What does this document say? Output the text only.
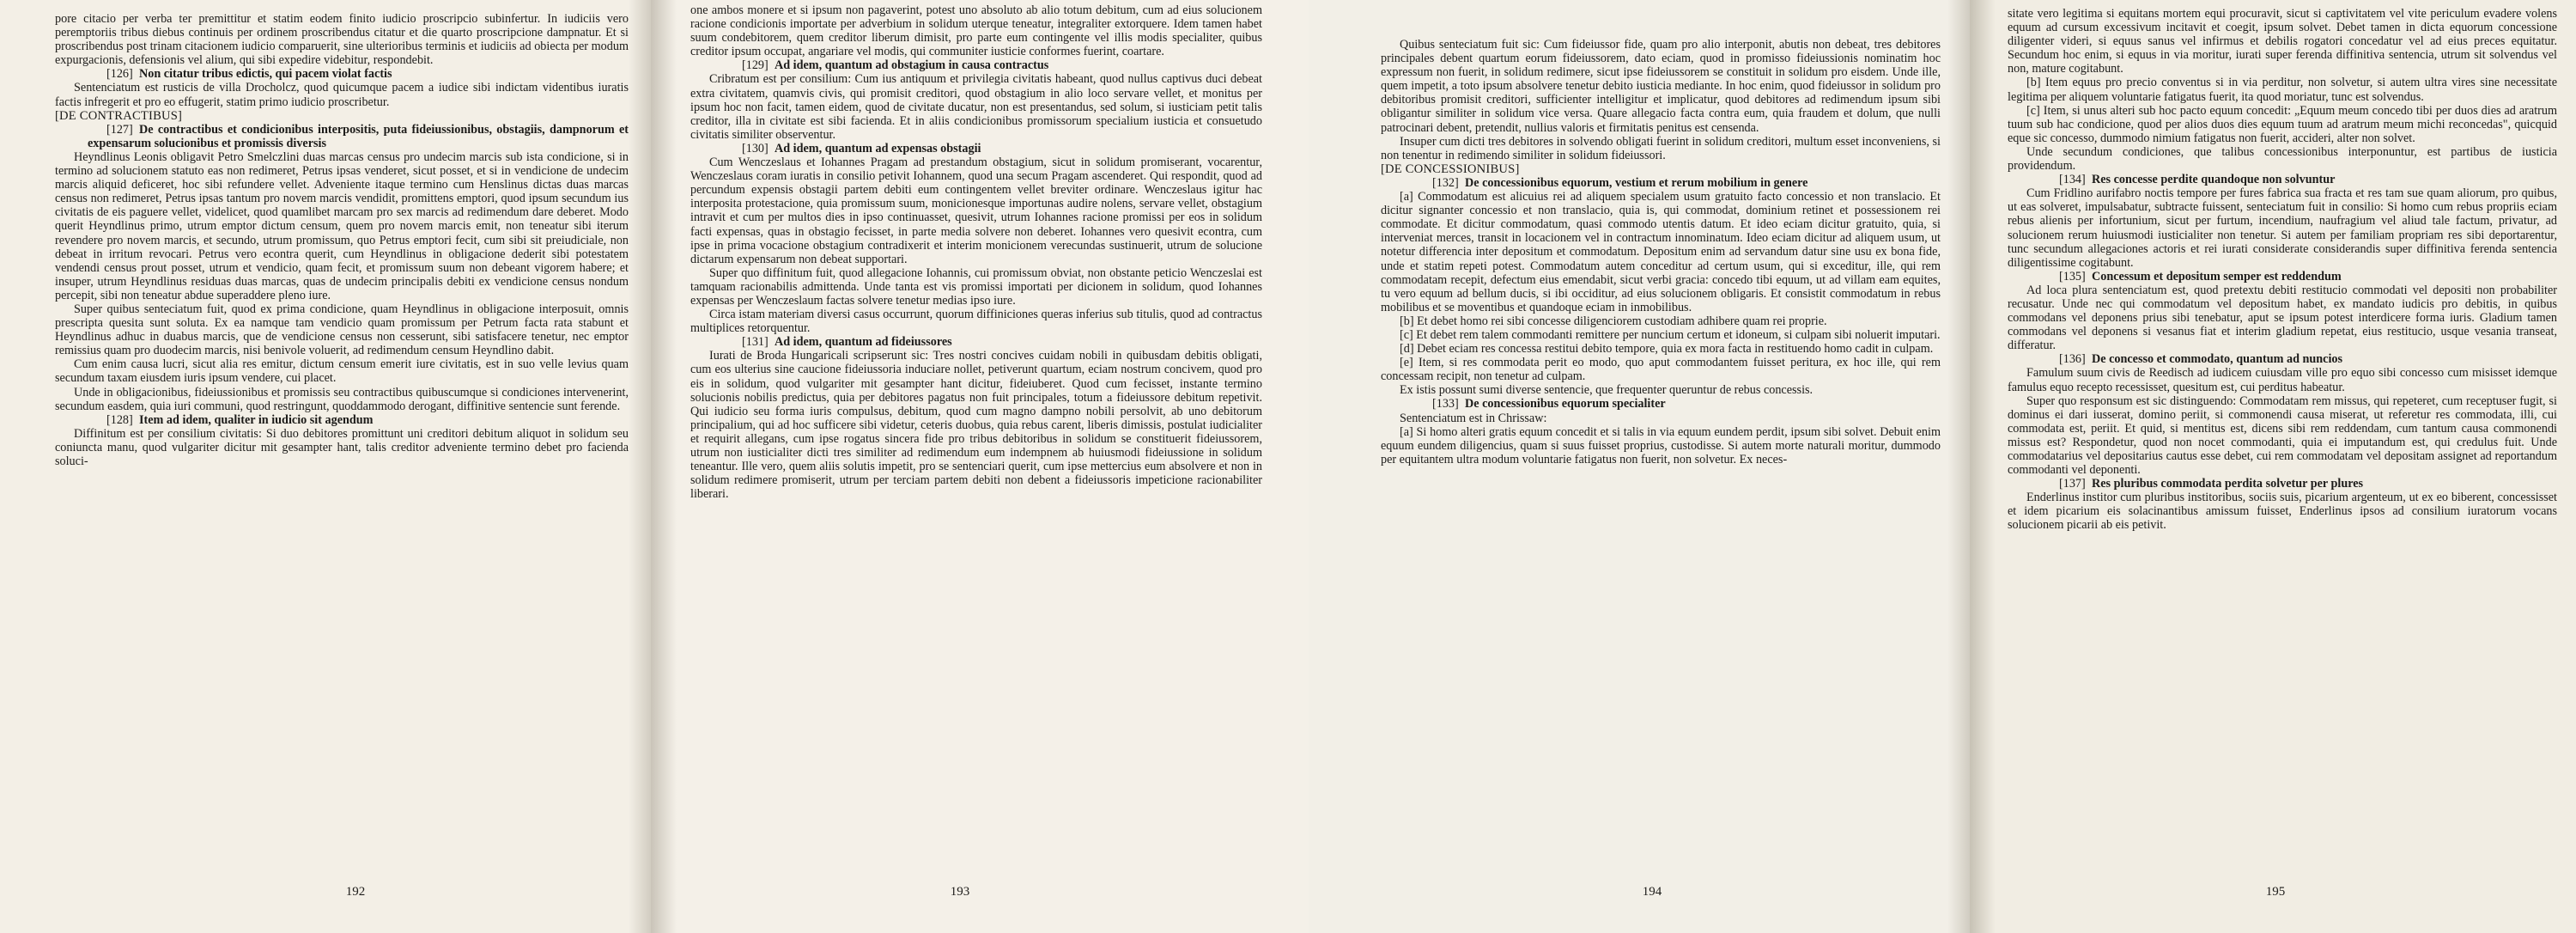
pore citacio per verba ter premittitur et statim eodem finito iudicio proscripcio subinfertur. In iudiciis vero peremptoriis tribus diebus continuis per ordinem proscribendus citatur et die quarto proscripcione dampnatur. Et si proscribendus post trinam citacionem iudicio comparuerit, sine ulterioribus terminis et iudiciis ad obiecta per modum expurgacionis, defensionis vel alium, qui sibi expedire videbitur, respondebit.

[126] Non citatur tribus edictis, qui pacem violat factis

Sentenciatum est rusticis de villa Drocholcz, quod quicumque pacem a iudice sibi indictam videntibus iuratis factis infregerit et pro eo effugerit, statim primo iudicio proscribetur.

[DE CONTRACTIBUS]

[127] De contractibus et condicionibus interpositis, puta fideiussionibus, obstagiis, dampnorum et expensarum solucionibus et promissis diversis

Heyndlinus Leonis obligavit Petro Smelczlini duas marcas census pro undecim marcis sub ista condicione, si in termino ad solucionem statuto eas non redimeret, Petrus ipsas venderet, sicut posset, et si in vendicione de undecim marcis aliquid deficeret, hoc sibi refundere vellet. Adveniente itaque termino cum Henslinus dictas duas marcas census non redimeret, Petrus ipsas tantum pro novem marcis vendidit, promittens emptori, quod ipsum secundum ius civitatis de eis paguere vellet, videlicet, quod quamlibet marcam pro sex marcis ad redimendum dare deberet. Modo querit Heyndlinus primo, utrum emptor dictum censum, quem pro novem marcis emit, non teneatur sibi iterum revendere pro novem marcis, et secundo, utrum promissum, quo Petrus emptori fecit, cum sibi sit preiudiciale, non debeat in irritum revocari. Petrus vero econtra querit, cum Heyndlinus in obligacione dederit sibi potestatem vendendi census prout posset, utrum et vendicio, quam fecit, et promissum suum non debeant vigorem habere; et insuper, utrum Heyndlinus residuas duas marcas, quas de undecim principalis debiti ex vendicione census nondum percepit, sibi non teneatur abdue superaddere pleno iure.

Super quibus senteciatum fuit, quod ex prima condicione, quam Heyndlinus in obligacione interposuit, omnis prescripta quesita sunt soluta. Ex ea namque tam vendicio quam promissum per Petrum facta rata stabunt et Heyndlinus adhuc in duabus marcis, que de vendicione census non cesserunt, sibi satisfacere tenetur, nec emptor remissius quam pro duodecim marcis, nisi benivole voluerit, ad redimendum censum Heyndlino dabit.

Cum enim causa lucri, sicut alia res emitur, dictum censum emerit iure civitatis, est in suo velle levius quam secundum taxam eiusdem iuris ipsum vendere, cui placet.

Unde in obligacionibus, fideiussionibus et promissis seu contractibus quibuscumque si condiciones intervenerint, secundum easdem, quia iuri communi, quod restringunt, quoddammodo derogant, diffinitive sentencie sunt ferende.

[128] Item ad idem, qualiter in iudicio sit agendum

Diffinitum est per consilium civitatis: Si duo debitores promittunt uni creditori debitum aliquot in solidum seu coniuncta manu, quod vulgariter dicitur mit gesampter hant, talis creditor adveniente termino debet pro facienda soluci-

192

one ambos monere et si ipsum non pagaverint, potest uno absoluto ab alio totum debitum, cum ad eius solucionem racione condicionis importate per adverbium in solidum uterque teneatur, integraliter extorquere. Idem tamen habet suum condebitorem, quem creditor liberum dimisit, pro parte eum contingente vel illis modis specialiter, quibus creditor ipsum occupat, angariare vel modis, qui communiter iusticie conformes fuerint, coartare.

[129] Ad idem, quantum ad obstagium in causa contractus

Cribratum est per consilium: Cum ius antiquum et privilegia civitatis habeant, quod nullus captivus duci debeat extra civitatem, quamvis civis, qui promisit creditori, quod obstagium in alio loco servare vellet, et monitus per ipsum hoc non facit, tamen eidem, quod de civitate ducatur, non est presentandus, sed solum, si iusticiam petit talis creditor, illa in civitate est sibi facienda. Et in aliis condicionibus promissorum specialium iusticia et consuetudo civitatis similiter observentur.

[130] Ad idem, quantum ad expensas obstagii

Cum Wenczeslaus et Iohannes Pragam ad prestandum obstagium, sicut in solidum promiserant, vocarentur, Wenczeslaus coram iuratis in consilio petivit Iohannem, quod una secum Pragam ascenderet. Qui respondit, quod ad percundum expensis obstagii partem debiti eum contingentem vellet breviter ordinare. Wenczeslaus igitur hac interposita protestacione, quia promissum suum, monicionesque importunas audire nolens, servare vellet, obstagium intravit et cum per multos dies in ipso continuasset, quesivit, utrum Iohannes racione promissi per eos in solidum facti expensas, quas in obstagio fecisset, in parte media solvere non deberet. Iohannes vero quesivit econtra, cum ipse in prima vocacione obstagium contradixerit et interim monicionem verecundas sustinuerit, utrum de solucione dictarum expensarum non debeat supportari.

Super quo diffinitum fuit, quod allegacione Iohannis, cui promissum obviat, non obstante peticio Wenczeslai est tamquam racionabilis admittenda. Unde tanta est vis promissi importati per dicionem in solidum, quod Iohannes expensas per Wenczeslaum factas solvere tenetur medias ipso iure.

Circa istam materiam diversi casus occurrunt, quorum diffiniciones queras inferius sub titulis, quod ad contractus multiplices retorquentur.

[131] Ad idem, quantum ad fideiussores

Iurati de Broda Hungaricali scripserunt sic: Tres nostri concives cuidam nobili in quibusdam debitis obligati, cum eos ulterius sine caucione fideiussoria induciare nollet, petiverunt quartum, eciam nostrum concivem, quod pro eis in solidum, quod vulgariter mit gesampter hant dicitur, fideiuberet. Quod cum fecisset, instante termino solucionis nobilis predictus, quia per debitores pagatus non fuit principales, totum a fideiussore debitum repetivit. Qui iudicio seu forma iuris compulsus, debitum, quod cum magno dampno nobili persolvit, ab uno debitorum principalium, qui ad hoc sufficere sibi videtur, ceteris duobus, quia rebus carent, liberis dimissis, postulat iudicialiter et requirit allegans, cum ipse rogatus sincera fide pro tribus debitoribus in solidum se constituerit fideiussorem, utrum non iusticialiter dicti tres similiter ad redimendum eum indempnem ab huiusmodi fideiussione in solidum teneantur. Ille vero, quem aliis solutis impetit, pro se sentenciari querit, cum ipse mettercius eum absolvere et non in solidum redimere promiserit, utrum per terciam partem debiti non debent a fideiussoris impeticione racionabiliter liberari.

193

Quibus senteciatum fuit sic: Cum fideiussor fide, quam pro alio interponit, abutis non debeat, tres debitores principales debent quartum eorum fideiussorem, dato eciam, quod in promisso fideiussionis nominatim hoc expressum non fuerit, in solidum redimere, sicut ipse fideiussorem se constituit in solidum pro eisdem. Unde ille, quem impetit, a toto ipsum absolvere tenetur debito iusticia mediante. In hoc enim, quod fideiussor in solidum pro debitoribus promisit creditori, sufficienter intelligitur et implicatur, quod debitores ad redimendum ipsum sibi obligantur similiter in solidum vice versa. Quare allegacio facta contra eum, quia fraudem et dolum, que nulli patrocinari debent, pretendit, nullius valoris et firmitatis penitus est censenda.

Insuper cum dicti tres debitores in solvendo obligati fuerint in solidum creditori, multum esset inconveniens, si non tenentur in redimendo similiter in solidum fideiussori.

[DE CONCESSIONIBUS]

[132] De concessionibus equorum, vestium et rerum mobilium in genere

[a] Commodatum est alicuius rei ad aliquem specialem usum gratuito facto concessio et non translacio. Et dicitur signanter concessio et non translacio, quia is, qui commodat, dominium retinet et possessionem rei commodate. Et dicitur commodatum, quasi commodo utentis datum. Et ideo eciam dicitur gratuito, quia, si interveniat merces, transit in locacionem vel in contractum innominatum. Ideo eciam dicitur ad aliquem usum, ut notetur differencia inter depositum et commodatum. Depositum enim ad servandum datur sine usu ex bona fide, unde et statim repeti potest. Commodatum autem conceditur ad certum usum, qui si exceditur, ille, qui rem commodatam recepit, defectum eius emendabit, sicut verbi gracia: concedo tibi equum, ut ad villam eam equites, tu vero equum ad bellum ducis, si ibi occiditur, ad eius solucionem obligaris. Et consistit commodatum in rebus mobilibus et se moventibus et quandoque eciam in inmobilibus.

[b] Et debet homo rei sibi concesse diligenciorem custodiam adhibere quam rei proprie.

[c] Et debet rem talem commodanti remittere per nuncium certum et idoneum, si culpam sibi noluerit imputari.

[d] Debet eciam res concessa restitui debito tempore, quia ex mora facta in restituendo homo cadit in culpam.

[e] Item, si res commodata perit eo modo, quo aput commodantem fuisset peritura, ex hoc ille, qui rem concessam recipit, non tenetur ad culpam.

Ex istis possunt sumi diverse sentencie, que frequenter queruntur de rebus concessis.

[133] De concessionibus equorum specialiter

Sentenciatum est in Chrissaw:

[a] Si homo alteri gratis equum concedit et si talis in via equum eundem perdit, ipsum sibi solvet. Debuit enim equum eundem diligencius, quam si suus fuisset proprius, custodisse. Si autem morte naturali moritur, dummodo per equitantem ultra modum voluntarie fatigatus non fuerit, non solvetur. Ex neces-

194

sitate vero legitima si equitans mortem equi procuravit, sicut si captivitatem vel vite periculum evadere volens equum ad cursum excessivum incitavit et coegit, ipsum solvet. Debet tamen in dicta equorum concessione diligenter videri, si equus sanus vel infirmus et debilis rogatori concedatur vel ad eius preces equitatur. Secundum hoc enim, si equus in via moritur, iurati super ferenda diffinitiva sentencia, utrum sit solvendus vel non, mature cogitabunt.

[b] Item equus pro precio conventus si in via perditur, non solvetur, si autem ultra vires sine necessitate legitima per aliquem voluntarie fatigatus fuerit, ita quod moriatur, tunc est solvendus.

[c] Item, si unus alteri sub hoc pacto equum concedit: „Equum meum concedo tibi per duos dies ad aratrum tuum sub hac condicione, quod per alios duos dies equum tuum ad aratrum meum michi reconcedas", quicquid eque sic concesso, dummodo nimium fatigatus non fuerit, accideri, alter non solvet.

Unde secundum condiciones, que talibus concessionibus interponuntur, est partibus de iusticia providendum.

[134] Res concesse perdite quandoque non solvuntur

Cum Fridlino aurifabro noctis tempore per fures fabrica sua fracta et res tam sue quam aliorum, pro quibus, ut eas solveret, impulsabatur, subtracte fuissent, senteciatum fuit in consilio: Si homo cum rebus propriis eciam rebus alienis per infortunium, sicut per furtum, incendium, naufragium vel aliud tale factum, privatur, ad solucionem rerum huiusmodi iusticialiter non tenetur. Si autem per familiam propriam res sibi deportarentur, tunc secundum allegaciones actoris et rei iurati considerate considerandis super diffinitiva ferenda sentencia diligentissime cogitabunt.

[135] Concessum et depositum semper est reddendum

Ad loca plura sentenciatum est, quod pretextu debiti restitucio commodati vel depositi non probabiliter recusatur. Unde nec qui commodatum vel depositum habet, ex mandato iudicis pro debitis, in quibus commodans vel deponens prius sibi tenebatur, aput se ipsum potest interdicere forma iuris. Gladium tamen commodans vel deponens si vesanus fiat et interim gladium repetat, eius restitucio, usque vesania transeat, differatur.

[136] De concesso et commodato, quantum ad nuncios

Famulum suum civis de Reedisch ad iudicem cuiusdam ville pro equo sibi concesso cum misisset idemque famulus equo recepto recessisset, quesitum est, cui perditus habeatur.

Super quo responsum est sic distinguendo: Commodatam rem missus, qui repeteret, cum receptuser fugit, si dominus ei dari iusserat, domino periit, si commonendi causa miserat, ut referetur res commodata, illi, cui commodata est, periit. Et quid, si mentitus est, dicens sibi rem reddendam, cum tantum causa commonendi missus est? Respondetur, quod non nocet commodanti, quia ei imputandum est, qui credulus fuit. Unde commodatarius vel depositarius cautus esse debet, cui rem commodatam vel depositam assignet ad reportandum commodanti vel deponenti.

[137] Res pluribus commodata perdita solvetur per plures

Enderlinus institor cum pluribus institoribus, sociis suis, picarium argenteum, ut ex eo biberent, concessisset et idem picarium eis solacinantibus amissum fuisset, Enderlinus ipsos ad consilium iuratorum vocans solucionem picarii ab eis petivit.

195
